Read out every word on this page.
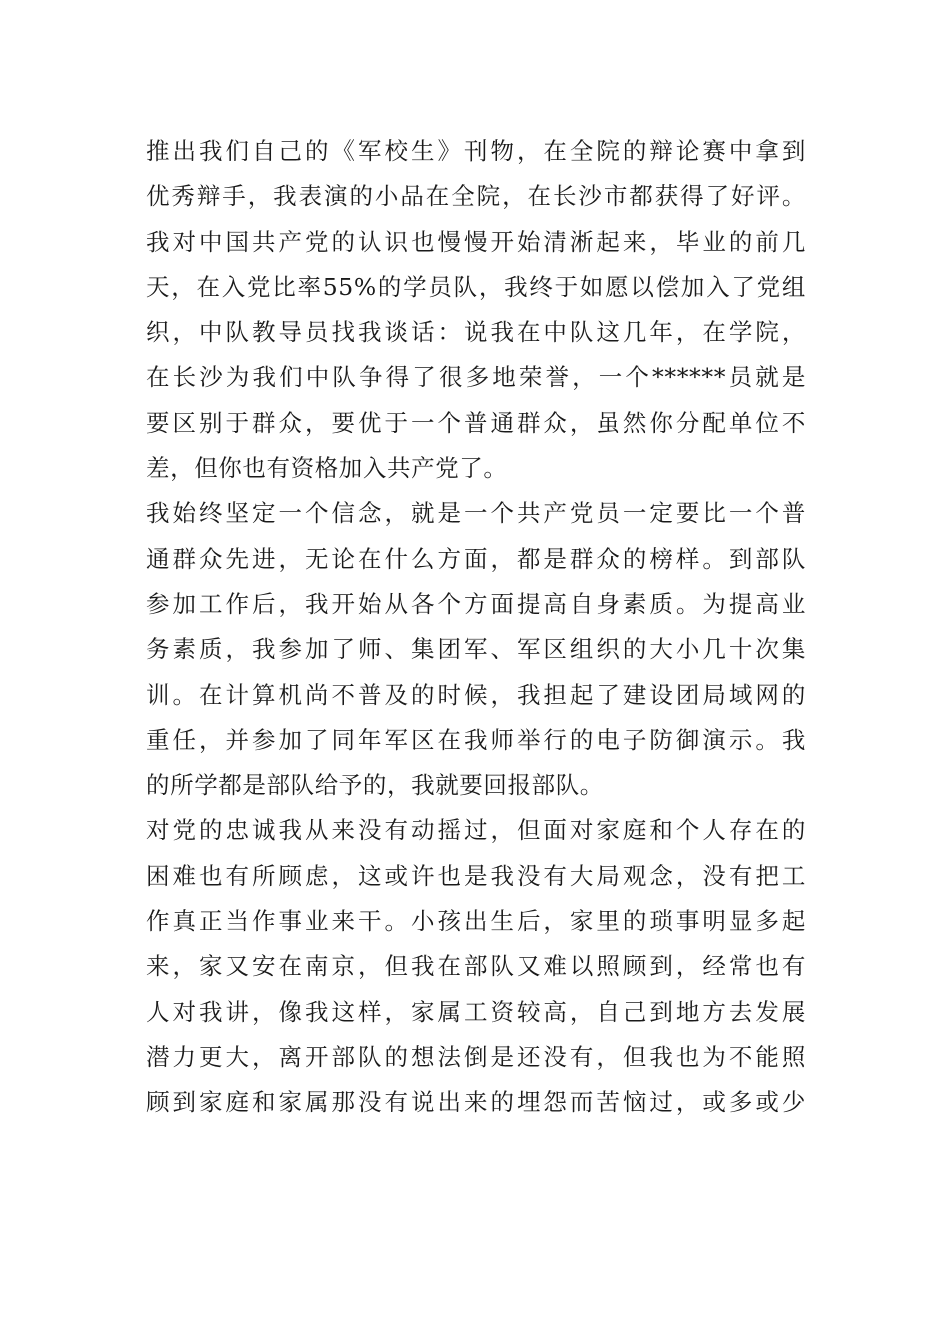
推出我们自己的《军校生》刊物，在全院的辩论赛中拿到
优秀辩手，我表演的小品在全院，在长沙市都获得了好评。
我对中国共产党的认识也慢慢开始清淅起来，毕业的前几
天，在入党比率55%的学员队，我终于如愿以偿加入了党组
织，中队教导员找我谈话：说我在中队这几年，在学院，
在长沙为我们中队争得了很多地荣誉，一个******员就是
要区别于群众，要优于一个普通群众，虽然你分配单位不
差，但你也有资格加入共产党了。
我始终坚定一个信念，就是一个共产党员一定要比一个普
通群众先进，无论在什么方面，都是群众的榜样。到部队
参加工作后，我开始从各个方面提高自身素质。为提高业
务素质，我参加了师、集团军、军区组织的大小几十次集
训。在计算机尚不普及的时候，我担起了建设团局域网的
重任，并参加了同年军区在我师举行的电子防御演示。我
的所学都是部队给予的，我就要回报部队。
对党的忠诚我从来没有动摇过，但面对家庭和个人存在的
困难也有所顾虑，这或许也是我没有大局观念，没有把工
作真正当作事业来干。小孩出生后，家里的琐事明显多起
来，家又安在南京，但我在部队又难以照顾到，经常也有
人对我讲，像我这样，家属工资较高，自己到地方去发展
潜力更大，离开部队的想法倒是还没有，但我也为不能照
顾到家庭和家属那没有说出来的埋怨而苦恼过，或多或少
